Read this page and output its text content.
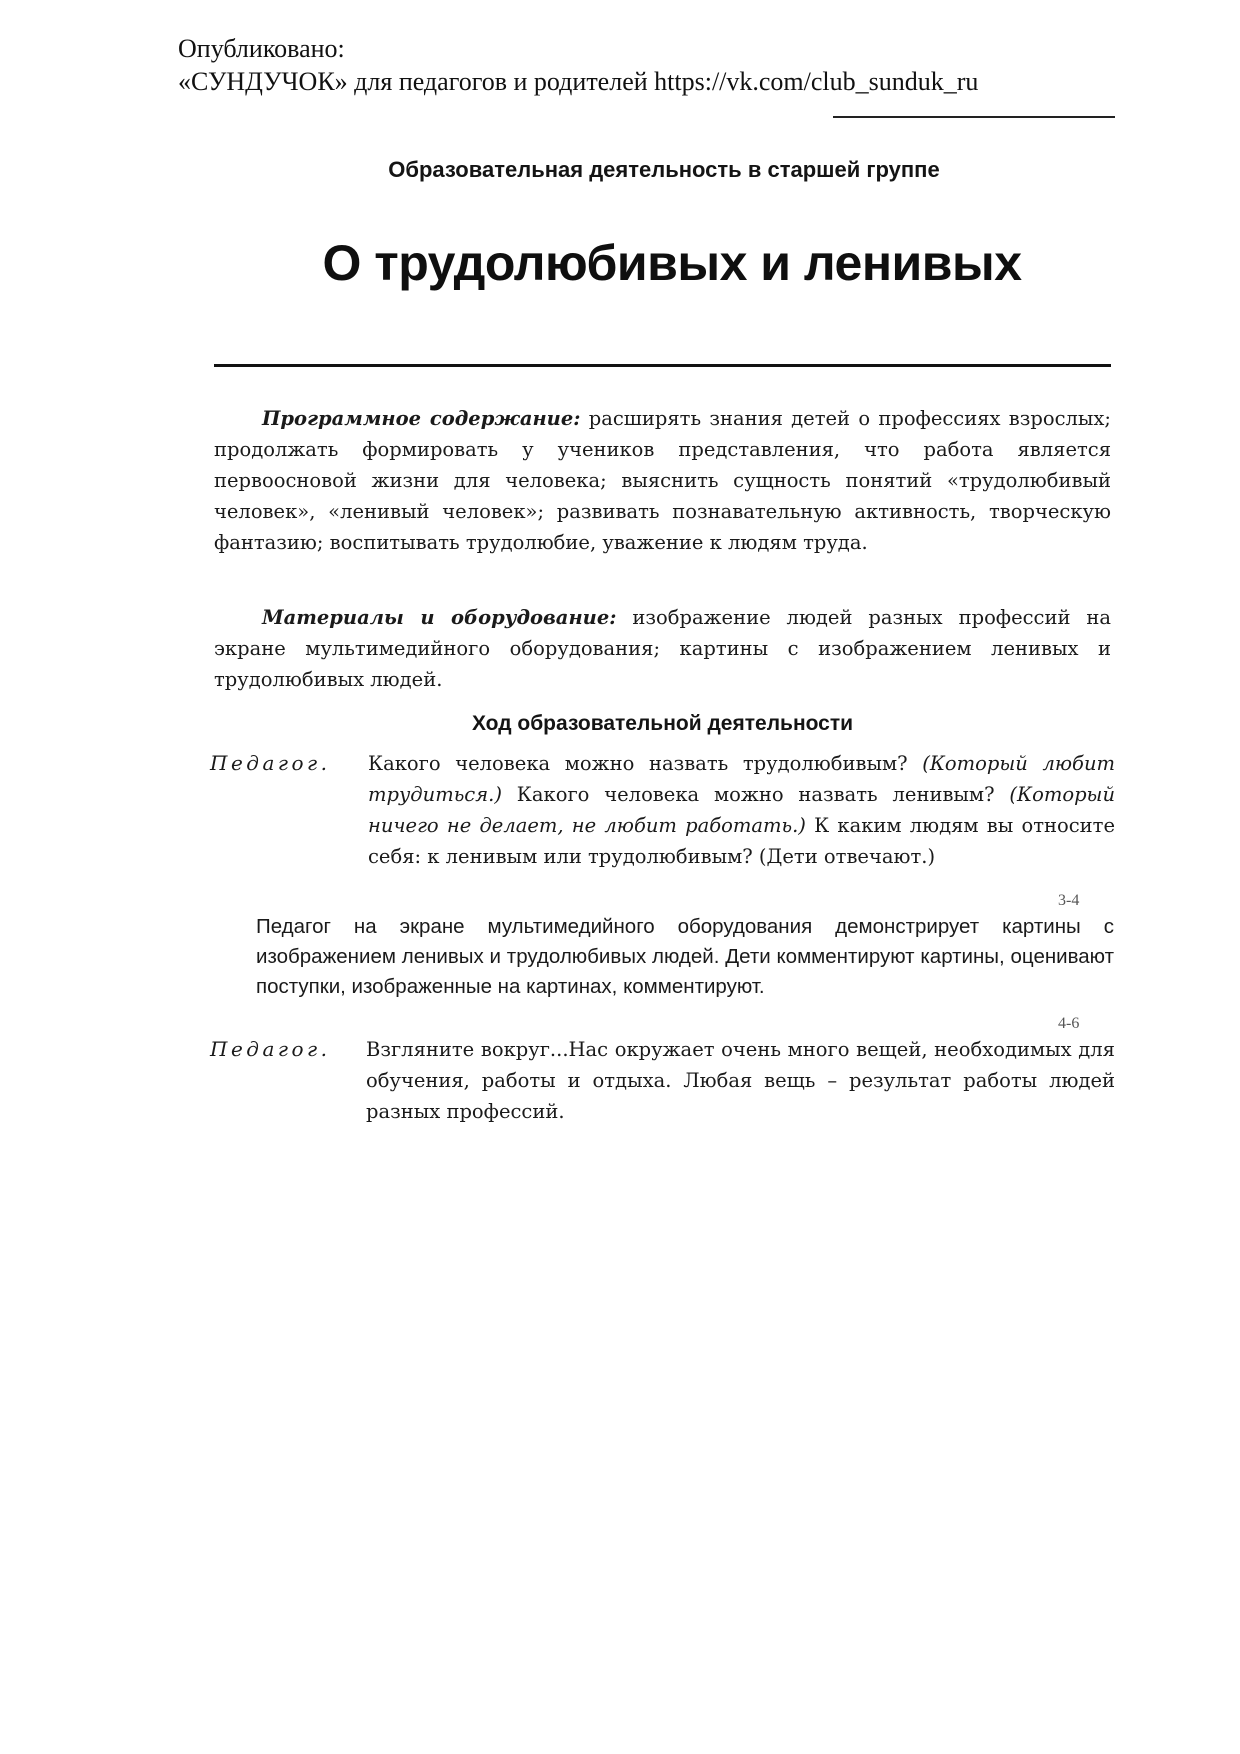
Опубликовано:
«СУНДУЧОК» для педагогов и родителей https://vk.com/club_sunduk_ru
Образовательная деятельность в старшей группе
О трудолюбивых и ленивых
Программное содержание: расширять знания детей о профессиях взрослых; продолжать формировать у учеников представления, что работа является первоосновой жизни для человека; выяснить сущность понятий «трудолюбивый человек», «ленивый человек»; развивать познавательную активность, творческую фантазию; воспитывать трудолюбие, уважение к людям труда.
Материалы и оборудование: изображение людей разных профессий на экране мультимедийного оборудования; картины с изображением ленивых и трудолюбивых людей.
Ход образовательной деятельности
Педагог. Какого человека можно назвать трудолюбивым? (Который любит трудиться.) Какого человека можно назвать ленивым? (Который ничего не делает, не любит работать.) К каким людям вы относите себя: к ленивым или трудолюбивым? (Дети отвечают.)
3-4
Педагог на экране мультимедийного оборудования демонстрирует картины с изображением ленивых и трудолюбивых людей. Дети комментируют картины, оценивают поступки, изображенные на картинах, комментируют.
4-6
Педагог. Взгляните вокруг...Нас окружает очень много вещей, необходимых для обучения, работы и отдыха. Любая вещь – результат работы людей разных профессий.
